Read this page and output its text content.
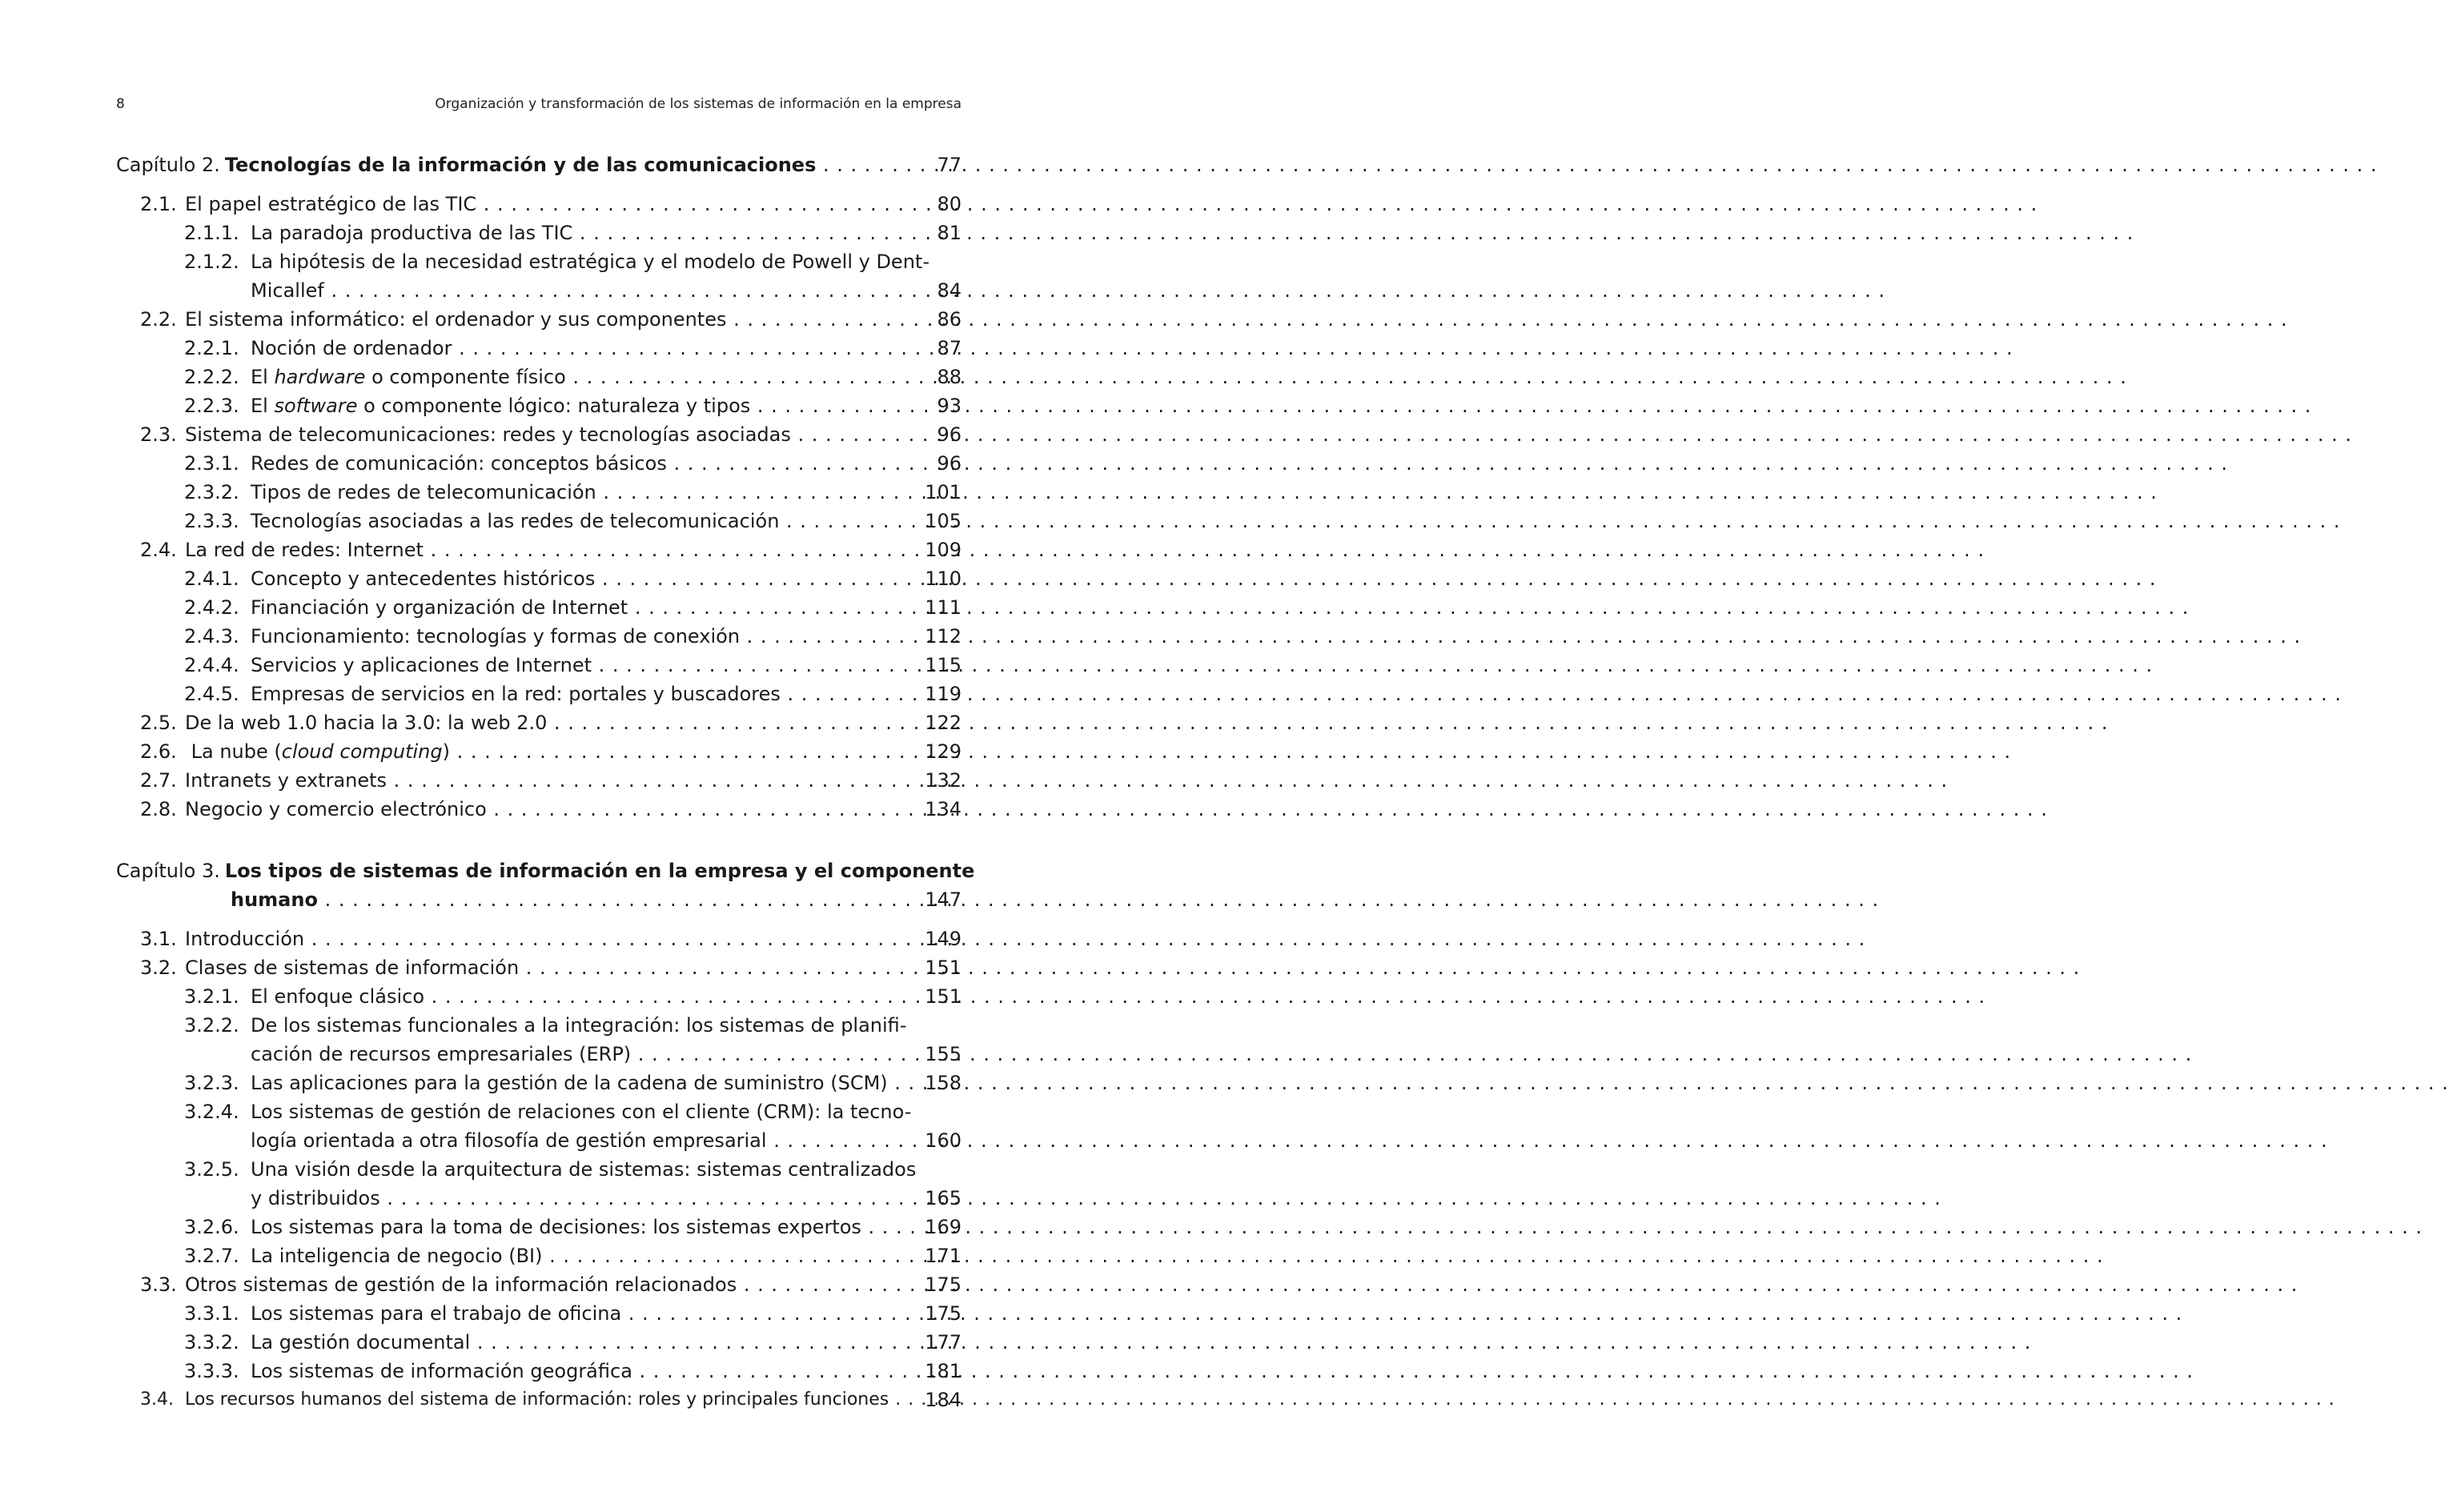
8	Organización y transformación de los sistemas de información en la empresa
Capítulo 2. Tecnologías de la información y de las comunicaciones . . .	77
2.1. El papel estratégico de las TIC . . .	80
2.1.1. La paradoja productiva de las TIC . . .	81
2.1.2. La hipótesis de la necesidad estratégica y el modelo de Powell y Dent-
Micallef . . .	84
2.2. El sistema informático: el ordenador y sus componentes . . .	86
2.2.1. Noción de ordenador . . .	87
2.2.2. El hardware o componente físico . . .	88
2.2.3. El software o componente lógico: naturaleza y tipos . . .	93
2.3. Sistema de telecomunicaciones: redes y tecnologías asociadas . . .	96
2.3.1. Redes de comunicación: conceptos básicos . . .	96
2.3.2. Tipos de redes de telecomunicación . . .	101
2.3.3. Tecnologías asociadas a las redes de telecomunicación . . .	105
2.4. La red de redes: Internet . . .	109
2.4.1. Concepto y antecedentes históricos . . .	110
2.4.2. Financiación y organización de Internet . . .	111
2.4.3. Funcionamiento: tecnologías y formas de conexión . . .	112
2.4.4. Servicios y aplicaciones de Internet . . .	115
2.4.5. Empresas de servicios en la red: portales y buscadores . . .	119
2.5. De la web 1.0 hacia la 3.0: la web 2.0 . . .	122
2.6. La nube (cloud computing) . . .	129
2.7. Intranets y extranets . . .	132
2.8. Negocio y comercio electrónico . . .	134
Capítulo 3. Los tipos de sistemas de información en la empresa y el componente
humano . . .	147
3.1. Introducción . . .	149
3.2. Clases de sistemas de información . . .	151
3.2.1. El enfoque clásico . . .	151
3.2.2. De los sistemas funcionales a la integración: los sistemas de planifi-
cación de recursos empresariales (ERP) . . .	155
3.2.3. Las aplicaciones para la gestión de la cadena de suministro (SCM) . . .	158
3.2.4. Los sistemas de gestión de relaciones con el cliente (CRM): la tecno-
logía orientada a otra filosofía de gestión empresarial . . .	160
3.2.5. Una visión desde la arquitectura de sistemas: sistemas centralizados
y distribuidos . . .	165
3.2.6. Los sistemas para la toma de decisiones: los sistemas expertos . . .	169
3.2.7. La inteligencia de negocio (BI) . . .	171
3.3. Otros sistemas de gestión de la información relacionados . . .	175
3.3.1. Los sistemas para el trabajo de oficina . . .	175
3.3.2. La gestión documental . . .	177
3.3.3. Los sistemas de información geográfica . . .	181
3.4. Los recursos humanos del sistema de información: roles y principales funciones . . .	184
